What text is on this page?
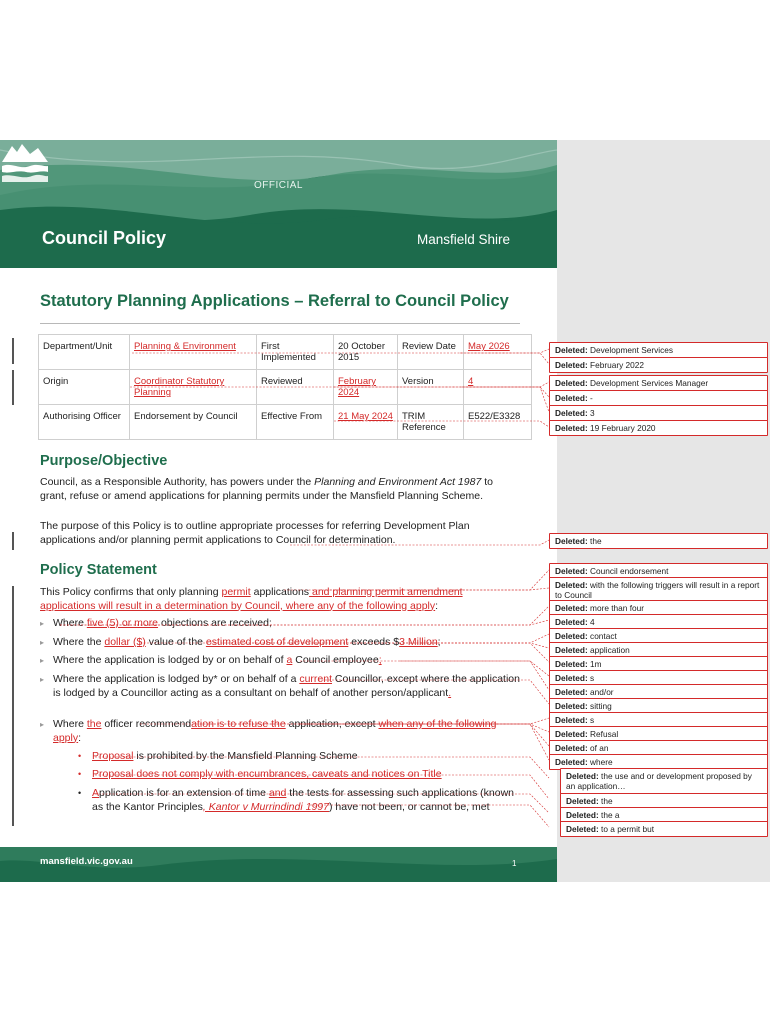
OFFICIAL
Council Policy	Mansfield Shire
Statutory Planning Applications – Referral to Council Policy
Department/Unit	Planning & Environment	First Implemented	20 October 2015	Review Date	May 2026
Origin	Coordinator Statutory Planning	Reviewed	February 2024	Version	4
Authorising Officer	Endorsement by Council	Effective From	21 May 2024	TRIM Reference	E522/E3328
Purpose/Objective
Council, as a Responsible Authority, has powers under the Planning and Environment Act 1987 to grant, refuse or amend applications for planning permits under the Mansfield Planning Scheme.
The purpose of this Policy is to outline appropriate processes for referring Development Plan applications and/or planning permit applications to Council for determination.
Policy Statement
This Policy confirms that only planning permit applications and planning permit amendment applications will result in a determination by Council, where any of the following apply:
▸ Where five (5) or more objections are received;
▸ Where the dollar ($) value of the estimated cost of development exceeds $3 Million;
▸ Where the application is lodged by or on behalf of a Council employee;
▸ Where the application is lodged by* or on behalf of a current Councillor, except where the application is lodged by a Councillor acting as a consultant on behalf of another person/applicant.
▸ Where the officer recommendation is to refuse the application, except when any of the following apply:
• Proposal is prohibited by the Mansfield Planning Scheme
• Proposal does not comply with encumbrances, caveats and notices on Title
• Application is for an extension of time and the tests for assessing such applications (known as the Kantor Principles, Kantor v Murrindindi 1997) have not been, or cannot be, met
mansfield.vic.gov.au	1
Deleted: Development Services
Deleted: February 2022
Deleted: Development Services Manager
Deleted: -
Deleted: 3
Deleted: 19 February 2020
Deleted: the
Deleted: Council endorsement
Deleted: with the following triggers will result in a report to Council
Deleted: more than four
Deleted: 4
Deleted: contact
Deleted: application
Deleted: 1m
Deleted: s
Deleted: and/or
Deleted: sitting
Deleted: s
Deleted: Refusal
Deleted: of an
Deleted: where
Deleted: the use and or development proposed by an application…
Deleted: the
Deleted: the a
Deleted: to a permit but
